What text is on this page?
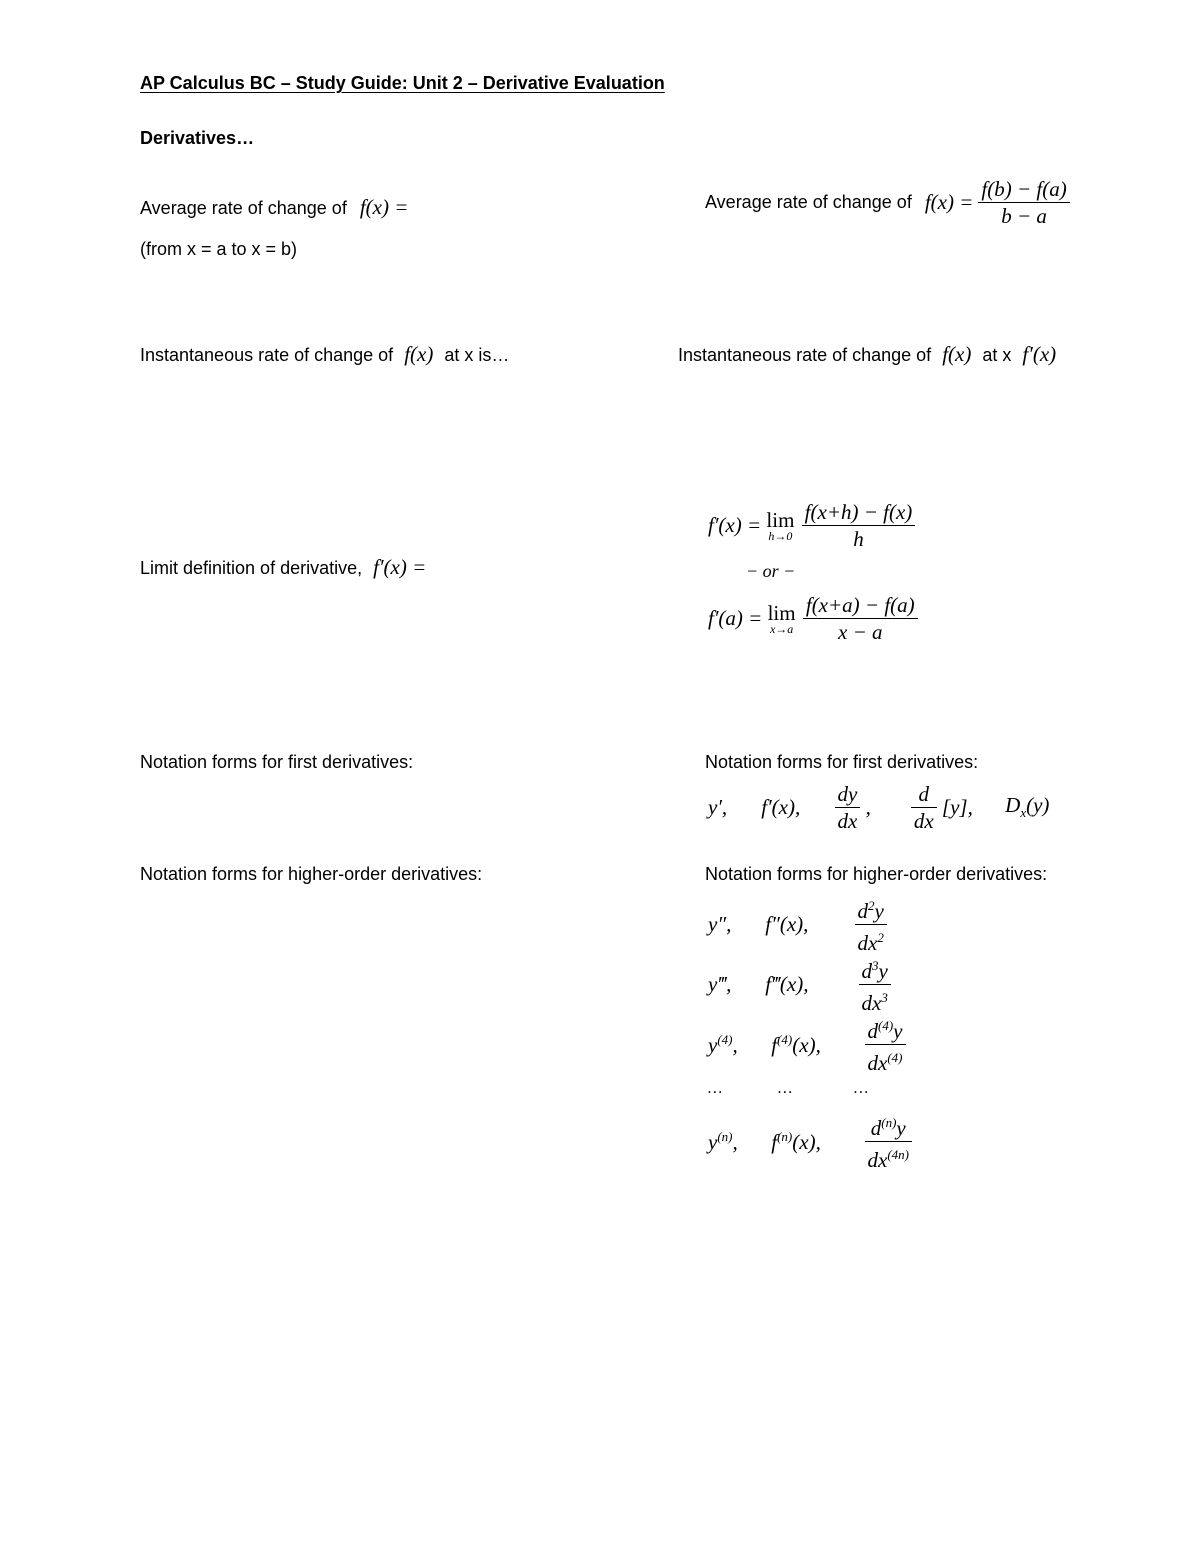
AP Calculus BC – Study Guide: Unit 2 – Derivative Evaluation
Derivatives…
Average rate of change of f(x) =
(from x = a to x = b)
Average rate of change of $f(x) = \frac{f(b) - f(a)}{b - a}$
Instantaneous rate of change of f(x) at x is…	Instantaneous rate of change of f(x) at x f′(x)
Limit definition of derivative, f′(x) =
f′(x) = lim
h→0
$\frac{f(x+h) - f(x)}{h}$
− or −
f′(a) = lim
x→a
$\frac{f(x+a) - f(a)}{x - a}$
Notation forms for first derivatives:
Notation forms for higher-order derivatives:
Notation forms for first derivatives:
y′, f′(x), $\frac{dy}{dx}$ , $\frac{d}{dx} [y]$, $D_x(y)$
Notation forms for higher-order derivatives:
y″, f″(x), $\frac{d^2y}{dx^2}$
y‴, f‴(x), $\frac{d^3y}{dx^3}$
$y^{(4)}$, $f^{(4)}(x)$, $\frac{d^{(4)}y}{dx^{(4)}}$
…	…	…
$y^{(n)}$, $f^{(n)}(x)$, $\frac{d^{(n)}y}{dx^{(4n)}}$
